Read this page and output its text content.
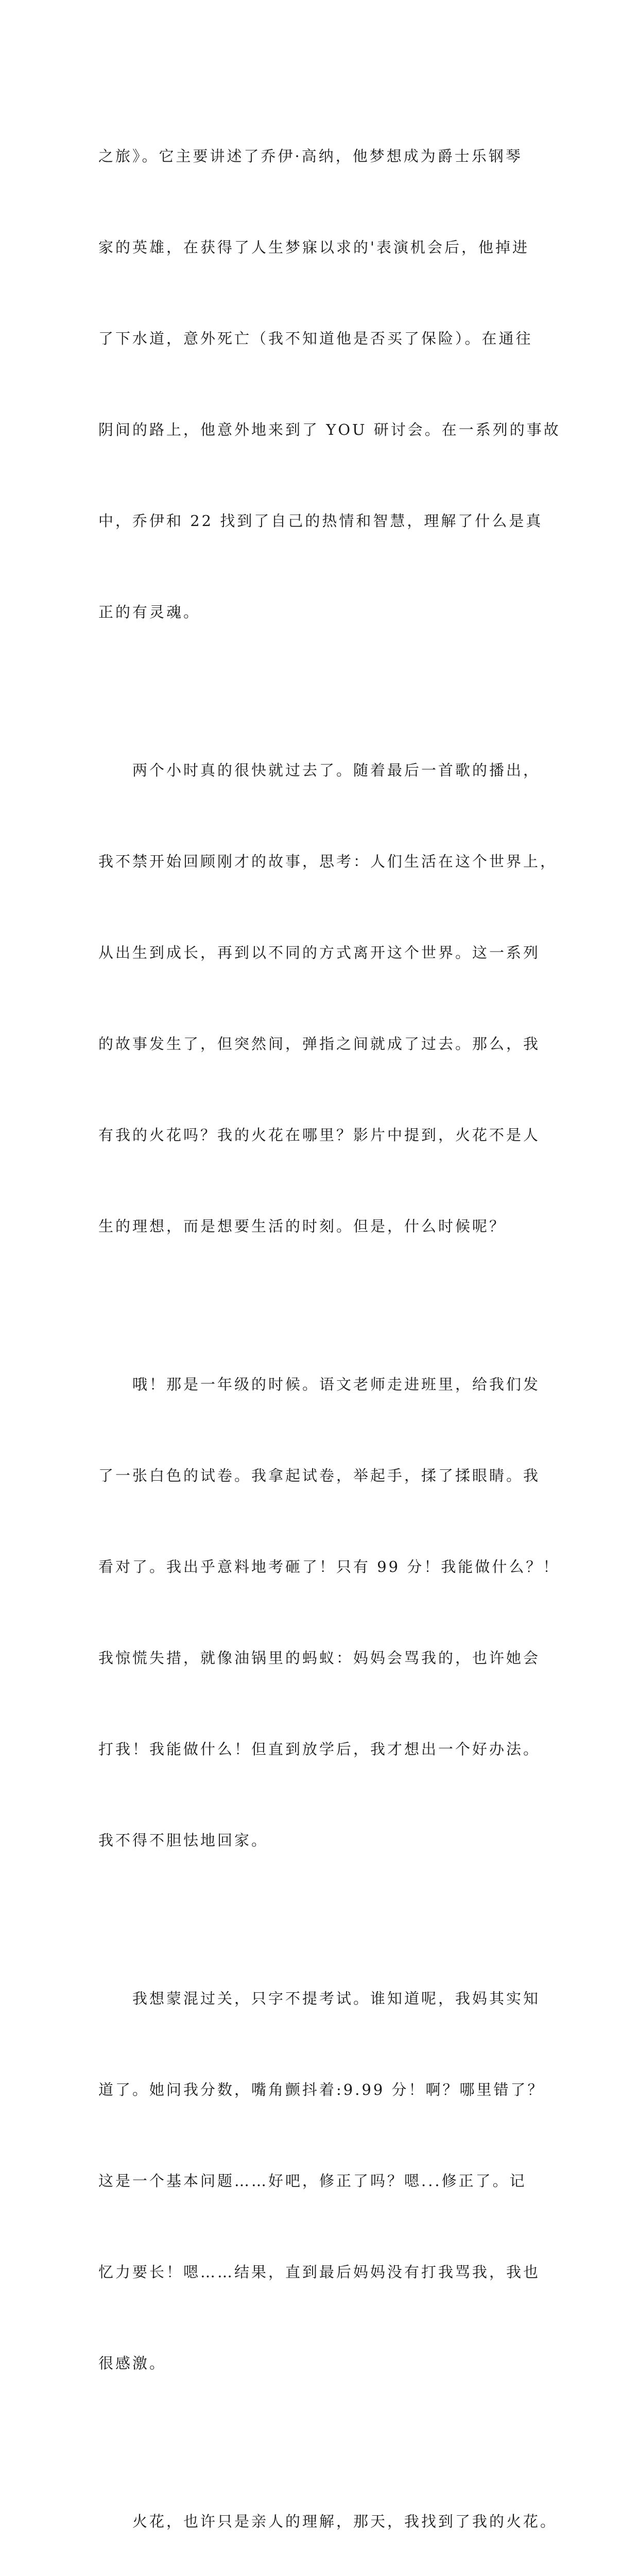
之旅》。它主要讲述了乔伊·高纳，他梦想成为爵士乐钢琴

家的英雄，在获得了人生梦寐以求的'表演机会后，他掉进

了下水道，意外死亡（我不知道他是否买了保险）。在通往

阴间的路上，他意外地来到了 YOU 研讨会。在一系列的事故

中，乔伊和 22 找到了自己的热情和智慧，理解了什么是真

正的有灵魂。

　　两个小时真的很快就过去了。随着最后一首歌的播出，

我不禁开始回顾刚才的故事，思考：人们生活在这个世界上，

从出生到成长，再到以不同的方式离开这个世界。这一系列

的故事发生了，但突然间，弹指之间就成了过去。那么，我

有我的火花吗？我的火花在哪里？影片中提到，火花不是人

生的理想，而是想要生活的时刻。但是，什么时候呢？

　　哦！那是一年级的时候。语文老师走进班里，给我们发

了一张白色的试卷。我拿起试卷，举起手，揉了揉眼睛。我

看对了。我出乎意料地考砸了！只有 99 分！我能做什么？！

我惊慌失措，就像油锅里的蚂蚁：妈妈会骂我的，也许她会

打我！我能做什么！但直到放学后，我才想出一个好办法。

我不得不胆怯地回家。

　　我想蒙混过关，只字不提考试。谁知道呢，我妈其实知

道了。她问我分数，嘴角颤抖着:9.99 分！啊？哪里错了？

这是一个基本问题……好吧，修正了吗？嗯...修正了。记

忆力要长！嗯……结果，直到最后妈妈没有打我骂我，我也

很感激。

　　火花，也许只是亲人的理解，那天，我找到了我的火花。
